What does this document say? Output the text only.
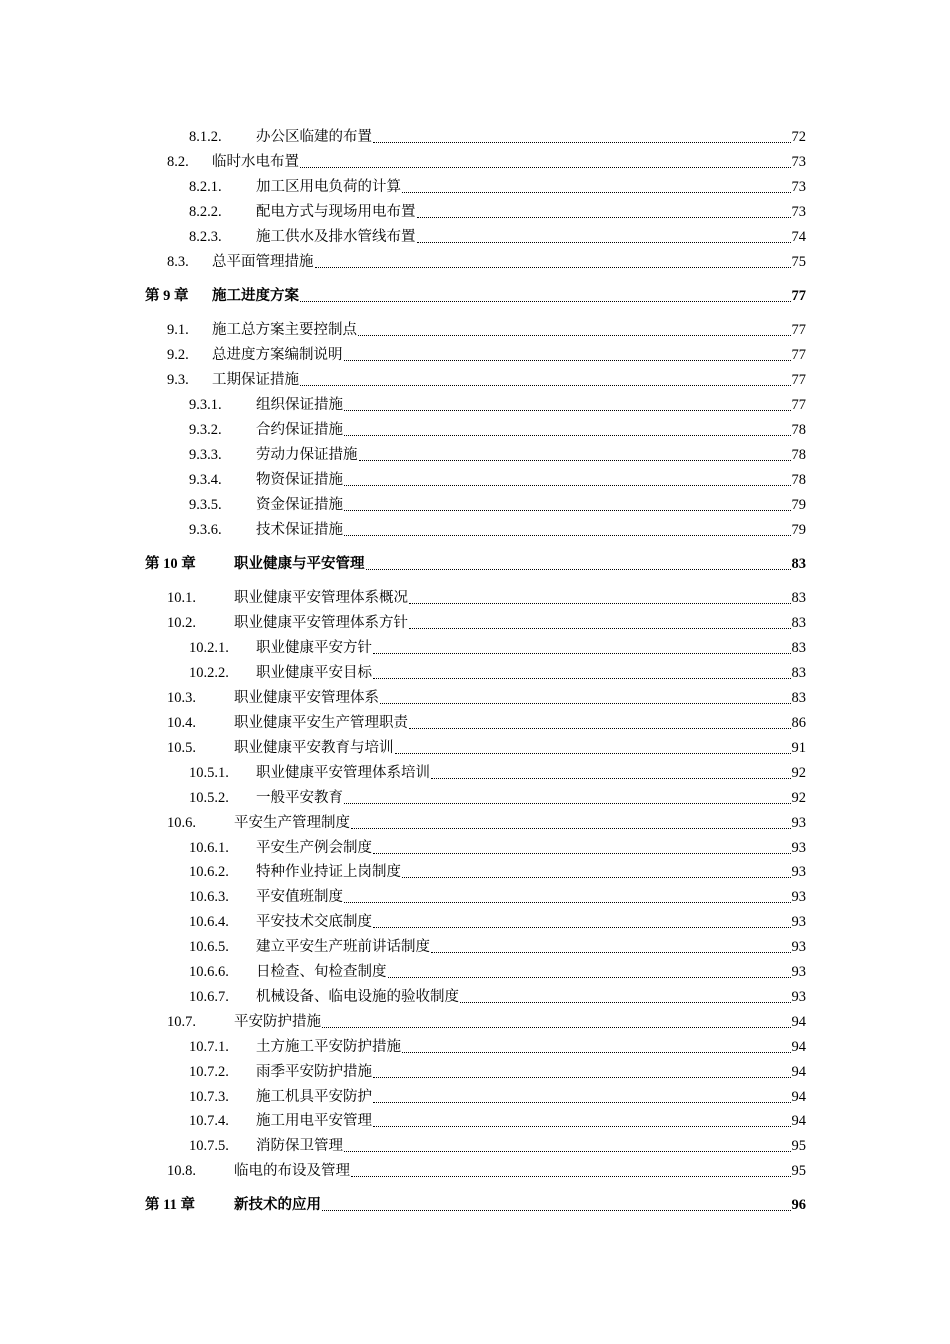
8.1.2.	办公区临建的布置	72
8.2.	临时水电布置	73
8.2.1.	加工区用电负荷的计算	73
8.2.2.	配电方式与现场用电布置	73
8.2.3.	施工供水及排水管线布置	74
8.3.	总平面管理措施	75
第 9 章	施工进度方案	77
9.1.	施工总方案主要控制点	77
9.2.	总进度方案编制说明	77
9.3.	工期保证措施	77
9.3.1.	组织保证措施	77
9.3.2.	合约保证措施	78
9.3.3.	劳动力保证措施	78
9.3.4.	物资保证措施	78
9.3.5.	资金保证措施	79
9.3.6.	技术保证措施	79
第 10 章	职业健康与平安管理	83
10.1.	职业健康平安管理体系概况	83
10.2.	职业健康平安管理体系方针	83
10.2.1.	职业健康平安方针	83
10.2.2.	职业健康平安目标	83
10.3.	职业健康平安管理体系	83
10.4.	职业健康平安生产管理职责	86
10.5.	职业健康平安教育与培训	91
10.5.1.	职业健康平安管理体系培训	92
10.5.2.	一般平安教育	92
10.6.	平安生产管理制度	93
10.6.1.	平安生产例会制度	93
10.6.2.	特种作业持证上岗制度	93
10.6.3.	平安值班制度	93
10.6.4.	平安技术交底制度	93
10.6.5.	建立平安生产班前讲话制度	93
10.6.6.	日检查、旬检查制度	93
10.6.7.	机械设备、临电设施的验收制度	93
10.7.	平安防护措施	94
10.7.1.	土方施工平安防护措施	94
10.7.2.	雨季平安防护措施	94
10.7.3.	施工机具平安防护	94
10.7.4.	施工用电平安管理	94
10.7.5.	消防保卫管理	95
10.8.	临电的布设及管理	95
第 11 章	新技术的应用	96
